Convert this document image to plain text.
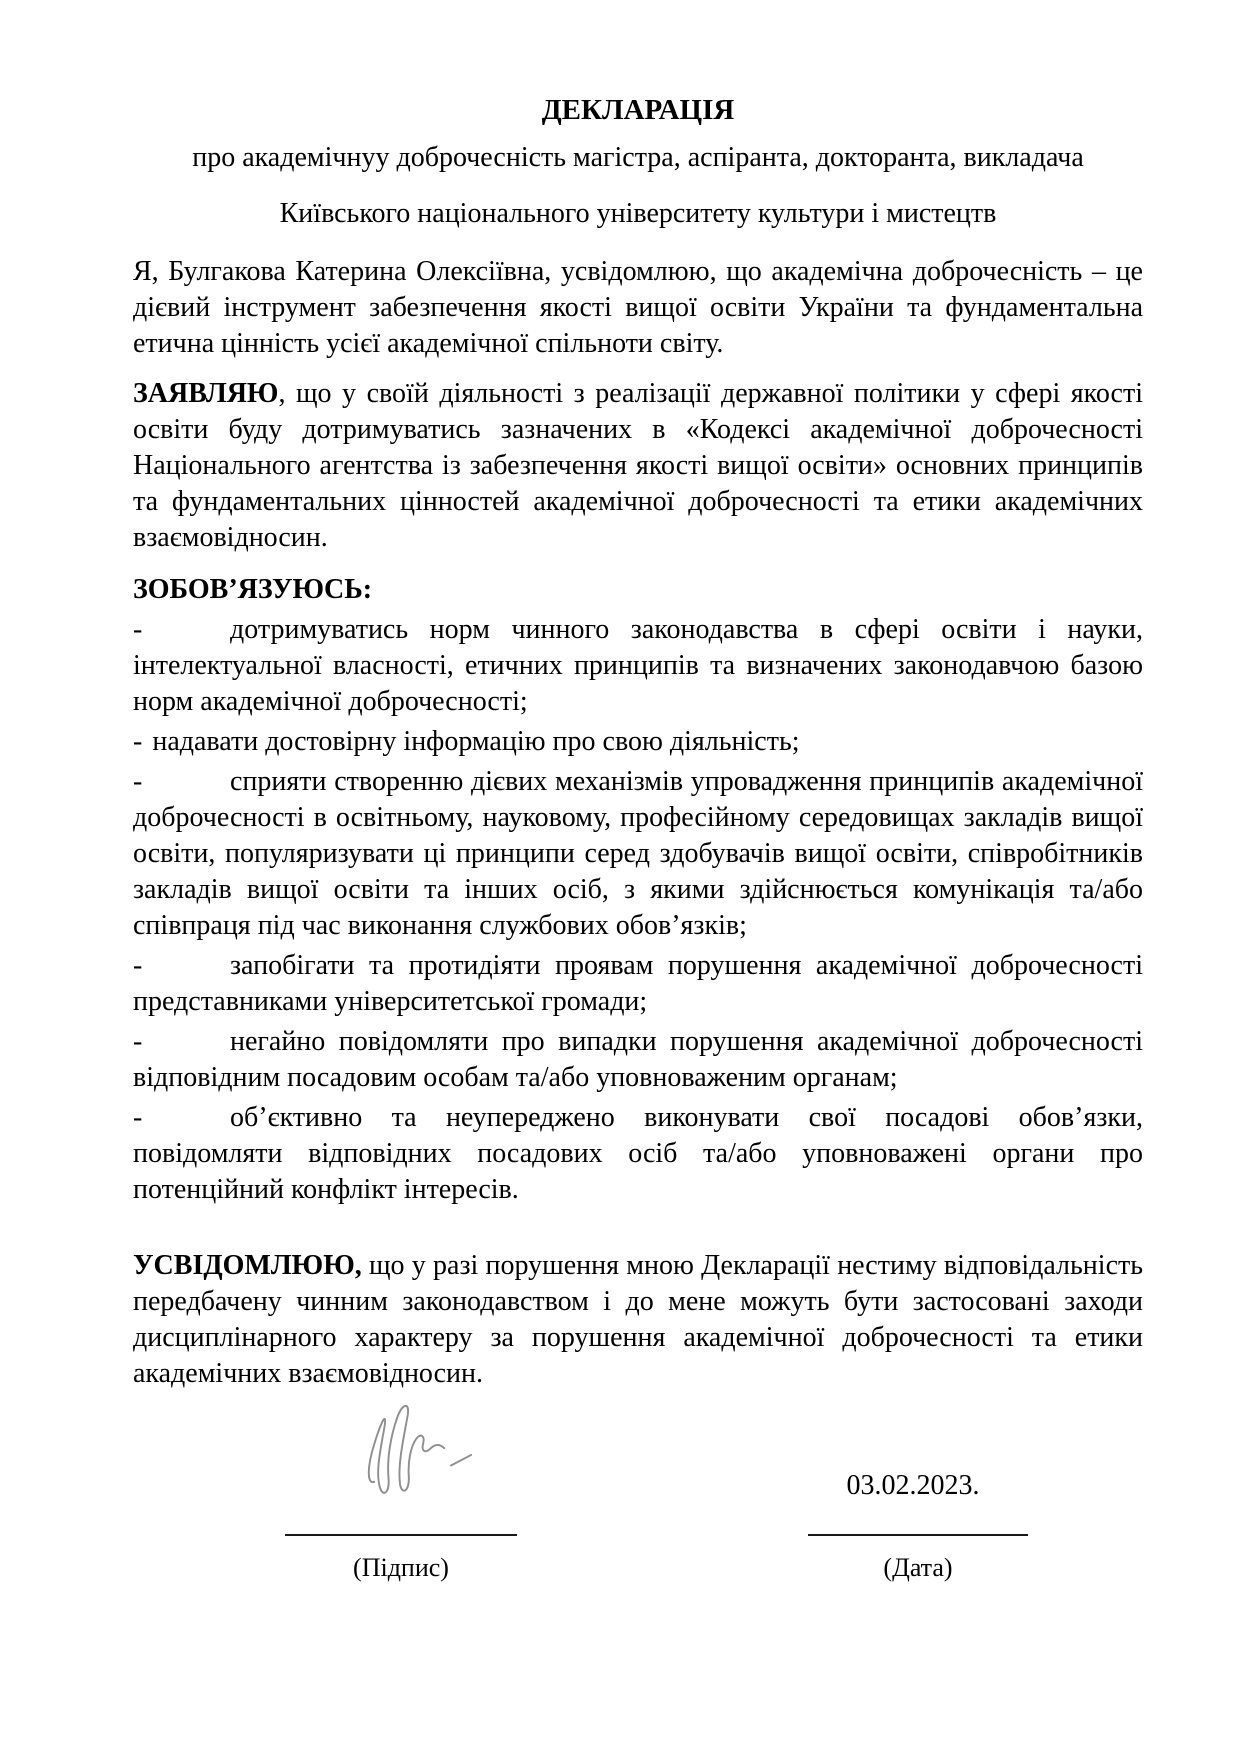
ДЕКЛАРАЦІЯ

про академічнуу доброчесність магістра, аспіранта, докторанта, викладача

Київського національного університету культури і мистецтв

Я, Булгакова Катерина Олексіївна, усвідомлюю, що академічна доброчесність – це дієвий інструмент забезпечення якості вищої освіти України та фундаментальна етична цінність усієї академічної спільноти світу.

ЗАЯВЛЯЮ, що у своїй діяльності з реалізації державної політики у сфері якості освіти буду дотримуватись зазначених в «Кодексі академічної доброчесності Національного агентства із забезпечення якості вищої освіти» основних принципів та фундаментальних цінностей академічної доброчесності та етики академічних взаємовідносин.

ЗОБОВ’ЯЗУЮСЬ:

-	дотримуватись норм чинного законодавства в сфері освіти і науки, інтелектуальної власності, етичних принципів та визначених законодавчою базою норм академічної доброчесності;

- надавати достовірну інформацію про свою діяльність;

-	сприяти створенню дієвих механізмів упровадження принципів академічної доброчесності в освітньому, науковому, професійному середовищах закладів вищої освіти, популяризувати ці принципи серед здобувачів вищої освіти, співробітників закладів вищої освіти та інших осіб, з якими здійснюється комунікація та/або співпраця під час виконання службових обов’язків;

-	запобігати та протидіяти проявам порушення академічної доброчесності представниками університетської громади;

-	негайно повідомляти про випадки порушення академічної доброчесності відповідним посадовим особам та/або уповноваженим органам;

-	об’єктивно та неупереджено виконувати свої посадові обов’язки, повідомляти відповідних посадових осіб та/або уповноважені органи про потенційний конфлікт інтересів.

УСВІДОМЛЮЮ, що у разі порушення мною Декларації нестиму відповідальність передбачену чинним законодавством і до мене можуть бути застосовані заходи дисциплінарного характеру за порушення академічної доброчесності та етики академічних взаємовідносин.

03.02.2023.
(Підпис)	(Дата)
